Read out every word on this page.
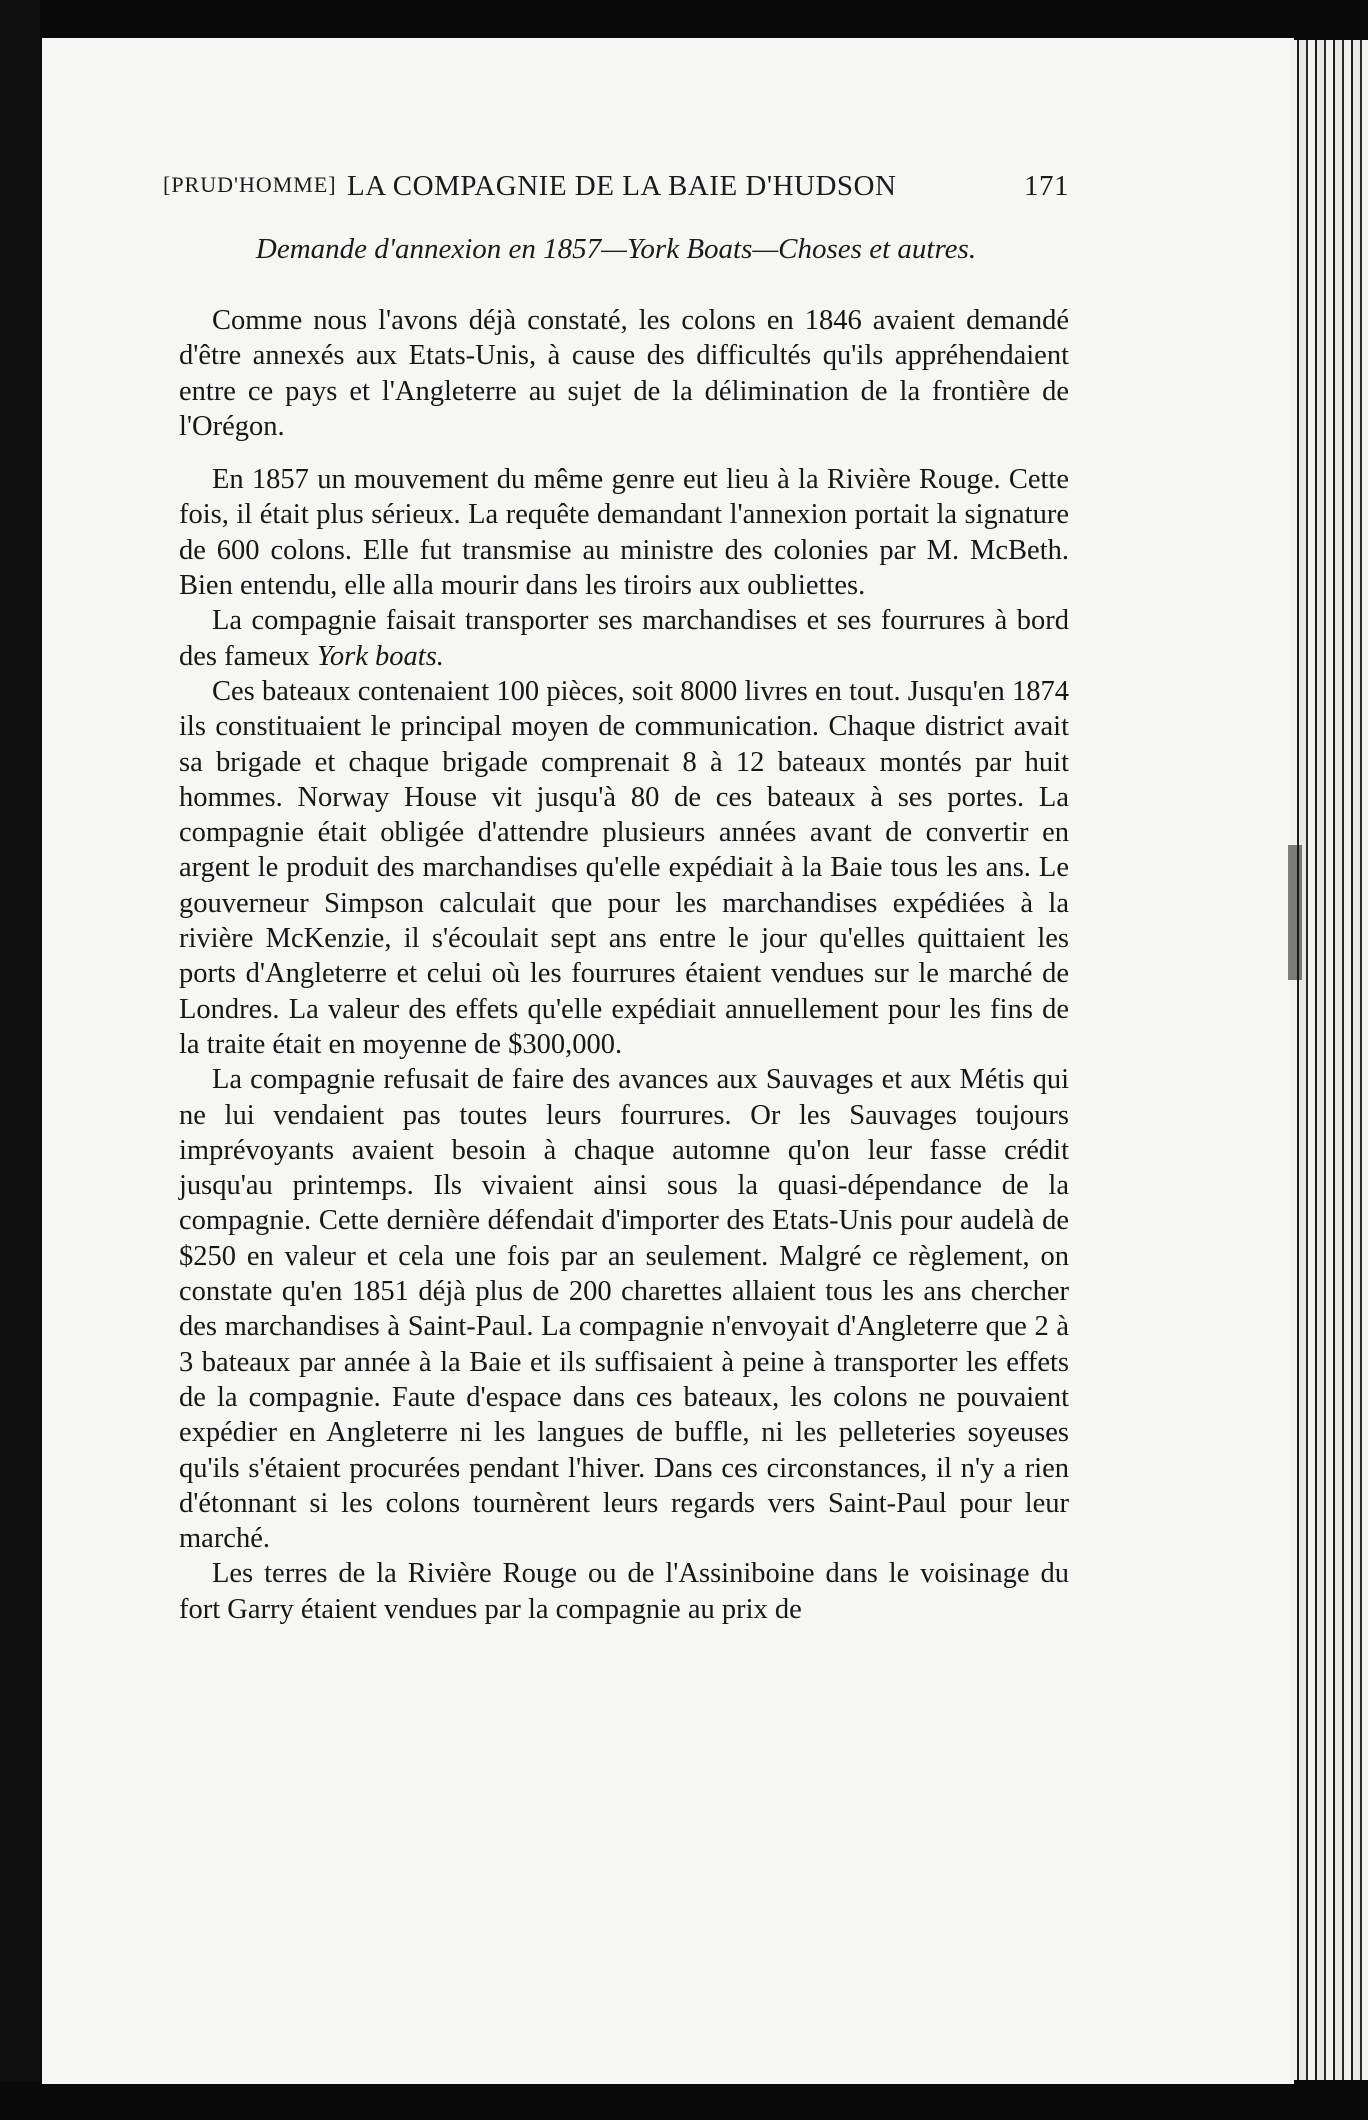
[PRUD'HOMME] LA COMPAGNIE DE LA BAIE D'HUDSON	171
Demande d'annexion en 1857—York Boats—Choses et autres.

Comme nous l'avons déjà constaté, les colons en 1846 avaient demandé d'être annexés aux Etats-Unis, à cause des difficultés qu'ils appréhendaient entre ce pays et l'Angleterre au sujet de la délimination de la frontière de l'Orégon.

En 1857 un mouvement du même genre eut lieu à la Rivière Rouge. Cette fois, il était plus sérieux. La requête demandant l'annexion portait la signature de 600 colons. Elle fut transmise au ministre des colonies par M. McBeth. Bien entendu, elle alla mourir dans les tiroirs aux oubliettes.

La compagnie faisait transporter ses marchandises et ses fourrures à bord des fameux York boats.

Ces bateaux contenaient 100 pièces, soit 8000 livres en tout. Jusqu'en 1874 ils constituaient le principal moyen de communication. Chaque district avait sa brigade et chaque brigade comprenait 8 à 12 bateaux montés par huit hommes. Norway House vit jusqu'à 80 de ces bateaux à ses portes. La compagnie était obligée d'attendre plusieurs années avant de convertir en argent le produit des marchandises qu'elle expédiait à la Baie tous les ans. Le gouverneur Simpson calculait que pour les marchandises expédiées à la rivière McKenzie, il s'écoulait sept ans entre le jour qu'elles quittaient les ports d'Angleterre et celui où les fourrures étaient vendues sur le marché de Londres. La valeur des effets qu'elle expédiait annuellement pour les fins de la traite était en moyenne de $300,000.

La compagnie refusait de faire des avances aux Sauvages et aux Métis qui ne lui vendaient pas toutes leurs fourrures. Or les Sauvages toujours imprévoyants avaient besoin à chaque automne qu'on leur fasse crédit jusqu'au printemps. Ils vivaient ainsi sous la quasi-dépendance de la compagnie. Cette dernière défendait d'importer des Etats-Unis pour audelà de $250 en valeur et cela une fois par an seulement. Malgré ce règlement, on constate qu'en 1851 déjà plus de 200 charettes allaient tous les ans chercher des marchandises à Saint-Paul. La compagnie n'envoyait d'Angleterre que 2 à 3 bateaux par année à la Baie et ils suffisaient à peine à transporter les effets de la compagnie. Faute d'espace dans ces bateaux, les colons ne pouvaient expédier en Angleterre ni les langues de buffle, ni les pelleteries soyeuses qu'ils s'étaient procurées pendant l'hiver. Dans ces circonstances, il n'y a rien d'étonnant si les colons tournèrent leurs regards vers Saint-Paul pour leur marché.

Les terres de la Rivière Rouge ou de l'Assiniboine dans le voisinage du fort Garry étaient vendues par la compagnie au prix de
